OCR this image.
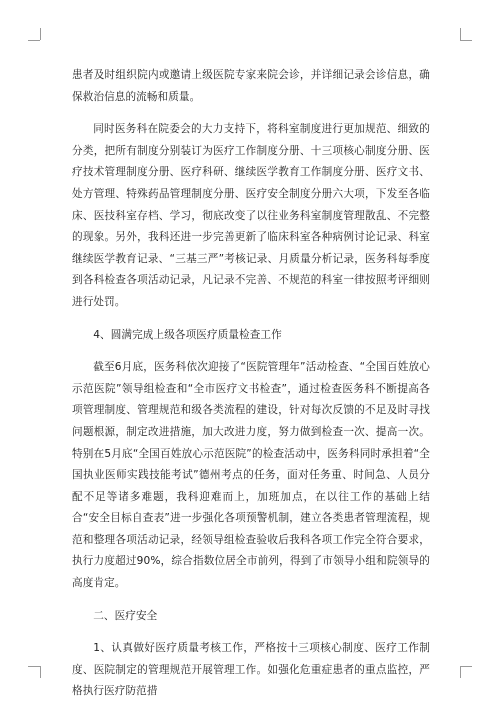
患者及时组织院内或邀请上级医院专家来院会诊，并详细记录会诊信息，确保救治信息的流畅和质量。

同时医务科在院委会的大力支持下，将科室制度进行更加规范、细致的分类，把所有制度分别装订为医疗工作制度分册、十三项核心制度分册、医疗技术管理制度分册、医疗科研、继续医学教育工作制度分册、医疗文书、处方管理、特殊药品管理制度分册、医疗安全制度分册六大项，下发至各临床、医技科室存档、学习，彻底改变了以往业务科室制度管理散乱、不完整的现象。另外，我科还进一步完善更新了临床科室各种病例讨论记录、科室继续医学教育记录、“三基三严”考核记录、月质量分析记录，医务科每季度到各科检查各项活动记录，凡记录不完善、不规范的科室一律按照考评细则进行处罚。

4、圆满完成上级各项医疗质量检查工作

截至6月底，医务科依次迎接了“医院管理年”活动检查、“全国百姓放心示范医院”领导组检查和“全市医疗文书检查”，通过检查医务科不断提高各项管理制度、管理规范和级各类流程的建设，针对每次反馈的不足及时寻找问题根源，制定改进措施，加大改进力度，努力做到检查一次、提高一次。特别在5月底“全国百姓放心示范医院”的检查活动中，医务科同时承担着“全国执业医师实践技能考试”德州考点的任务，面对任务重、时间急、人员分配不足等诸多难题，我科迎难而上，加班加点，在以往工作的基础上结合“安全目标自查表”进一步强化各项预警机制，建立各类患者管理流程，规范和整理各项活动记录，经领导组检查验收后我科各项工作完全符合要求，执行力度超过90%，综合指数位居全市前列，得到了市领导小组和院领导的高度肯定。

二、医疗安全

1、认真做好医疗质量考核工作，严格按十三项核心制度、医疗工作制度、医院制定的管理规范开展管理工作。如强化危重症患者的重点监控，严格执行医疗防范措
